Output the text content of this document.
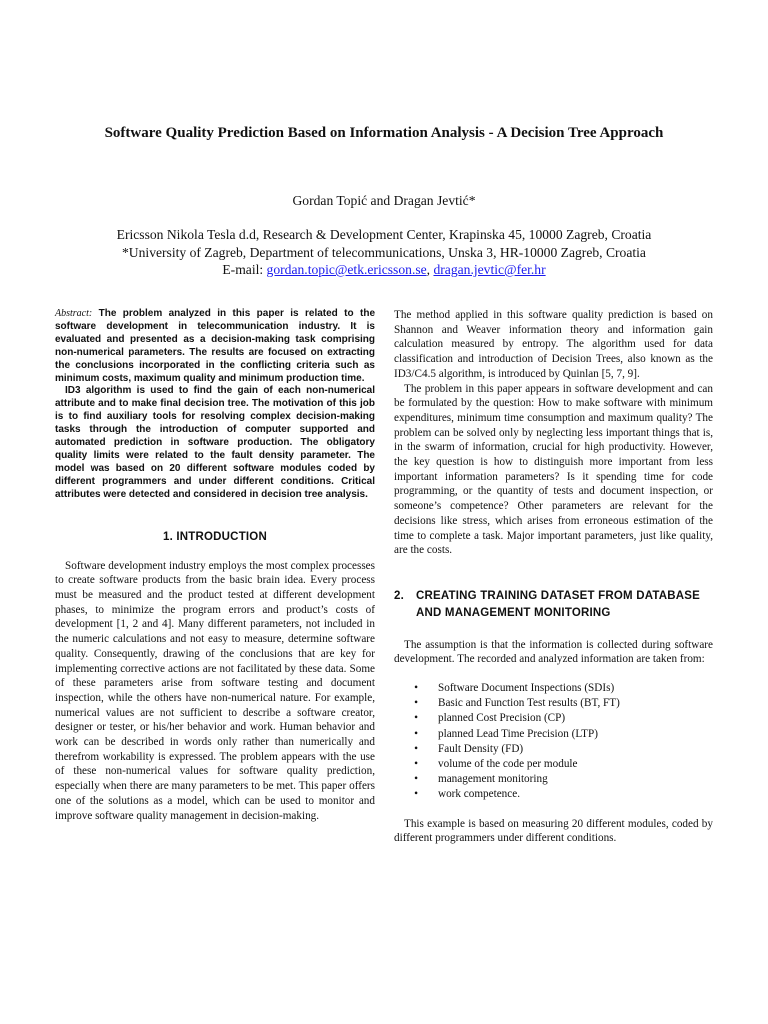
Software Quality Prediction Based on Information Analysis - A Decision Tree Approach
Gordan Topić and Dragan Jevtić*
Ericsson Nikola Tesla d.d, Research & Development Center, Krapinska 45, 10000 Zagreb, Croatia
*University of Zagreb, Department of telecommunications, Unska 3, HR-10000 Zagreb, Croatia
E-mail: gordan.topic@etk.ericsson.se, dragan.jevtic@fer.hr

Abstract: The problem analyzed in this paper is related to the software development in telecommunication industry. It is evaluated and presented as a decision-making task comprising non-numerical parameters. The results are focused on extracting the conclusions incorporated in the conflicting criteria such as minimum costs, maximum quality and minimum production time.

ID3 algorithm is used to find the gain of each non-numerical attribute and to make final decision tree. The motivation of this job is to find auxiliary tools for resolving complex decision-making tasks through the introduction of computer supported and automated prediction in software production. The obligatory quality limits were related to the fault density parameter. The model was based on 20 different software modules coded by different programmers and under different conditions. Critical attributes were detected and considered in decision tree analysis.

1. INTRODUCTION

Software development industry employs the most complex processes to create software products from the basic brain idea. Every process must be measured and the product tested at different development phases, to minimize the program errors and product’s costs of development [1, 2 and 4]. Many different parameters, not included in the numeric calculations and not easy to measure, determine software quality. Consequently, drawing of the conclusions that are key for implementing corrective actions are not facilitated by these data. Some of these parameters arise from software testing and document inspection, while the others have non-numerical nature. For example, numerical values are not sufficient to describe a software creator, designer or tester, or his/her behavior and work. Human behavior and work can be described in words only rather than numerically and therefrom workability is expressed. The problem appears with the use of these non-numerical values for software quality prediction, especially when there are many parameters to be met. This paper offers one of the solutions as a model, which can be used to monitor and improve software quality management in decision-making.

The method applied in this software quality prediction is based on Shannon and Weaver information theory and information gain calculation measured by entropy. The algorithm used for data classification and introduction of Decision Trees, also known as the ID3/C4.5 algorithm, is introduced by Quinlan [5, 7, 9].

The problem in this paper appears in software development and can be formulated by the question: How to make software with minimum expenditures, minimum time consumption and maximum quality? The problem can be solved only by neglecting less important things that is, in the swarm of information, crucial for high productivity. However, the key question is how to distinguish more important from less important information parameters? Is it spending time for code programming, or the quantity of tests and document inspection, or someone’s competence? Other parameters are relevant for the decisions like stress, which arises from erroneous estimation of the time to complete a task. Major important parameters, just like quality, are the costs.

2.	CREATING TRAINING DATASET FROM DATABASE AND MANAGEMENT MONITORING

The assumption is that the information is collected during software development. The recorded and analyzed information are taken from:

•	Software Document Inspections (SDIs)
•	Basic and Function Test results (BT, FT)
•	planned Cost Precision (CP)
•	planned Lead Time Precision (LTP)
•	Fault Density (FD)
•	volume of the code per module
•	management monitoring
•	work competence.

This example is based on measuring 20 different modules, coded by different programmers under different conditions.
